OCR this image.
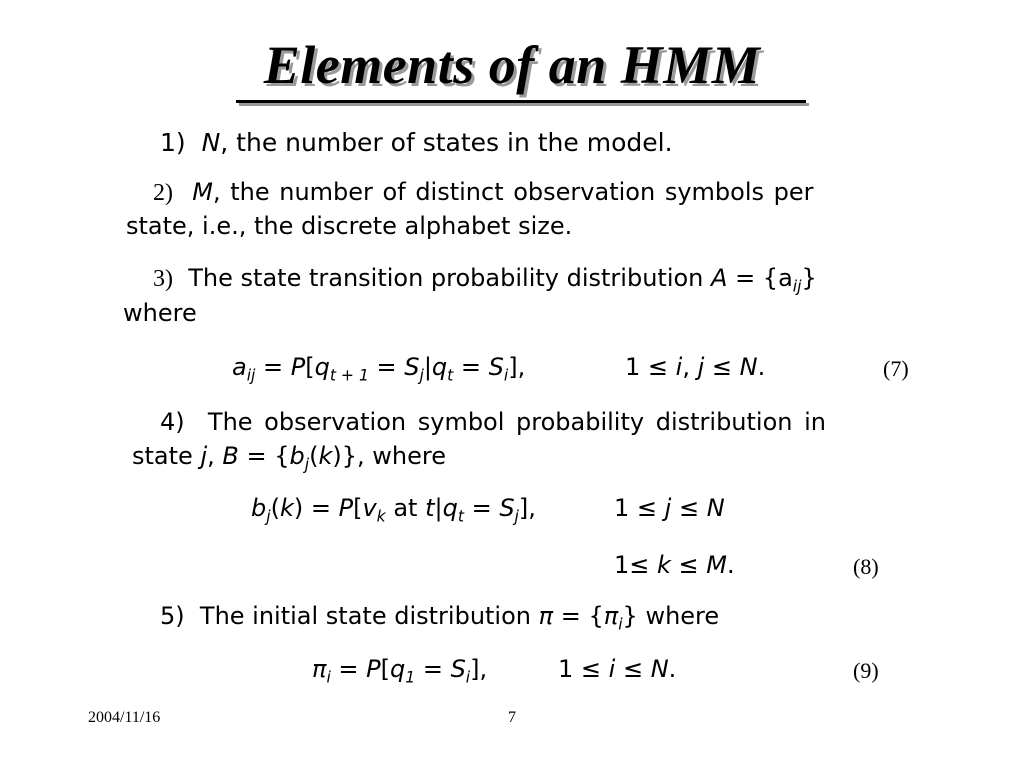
Elements of an HMM
1) N, the number of states in the model.
2) M, the number of distinct observation symbols per
state, i.e., the discrete alphabet size.
3) The state transition probability distribution $A = \{a_{ij}\}$
where
$a_{ij} = P[q_{t + 1} = S_j|q_t = S_i]$,	1 ≤ i, j ≤ N.	(7)
4) The observation symbol probability distribution in
state j, $B = \{b_j(k)\}$, where
$b_j(k) = P[v_k$ at $t|q_t = S_j$],	1 ≤ j ≤ N
1≤ k ≤ M.	(8)
5) The initial state distribution $\pi = \{\pi_i\}$ where
$\pi_i = P[q_1 = S_i]$,	1 ≤ i ≤ N.	(9)
2004/11/16	7
